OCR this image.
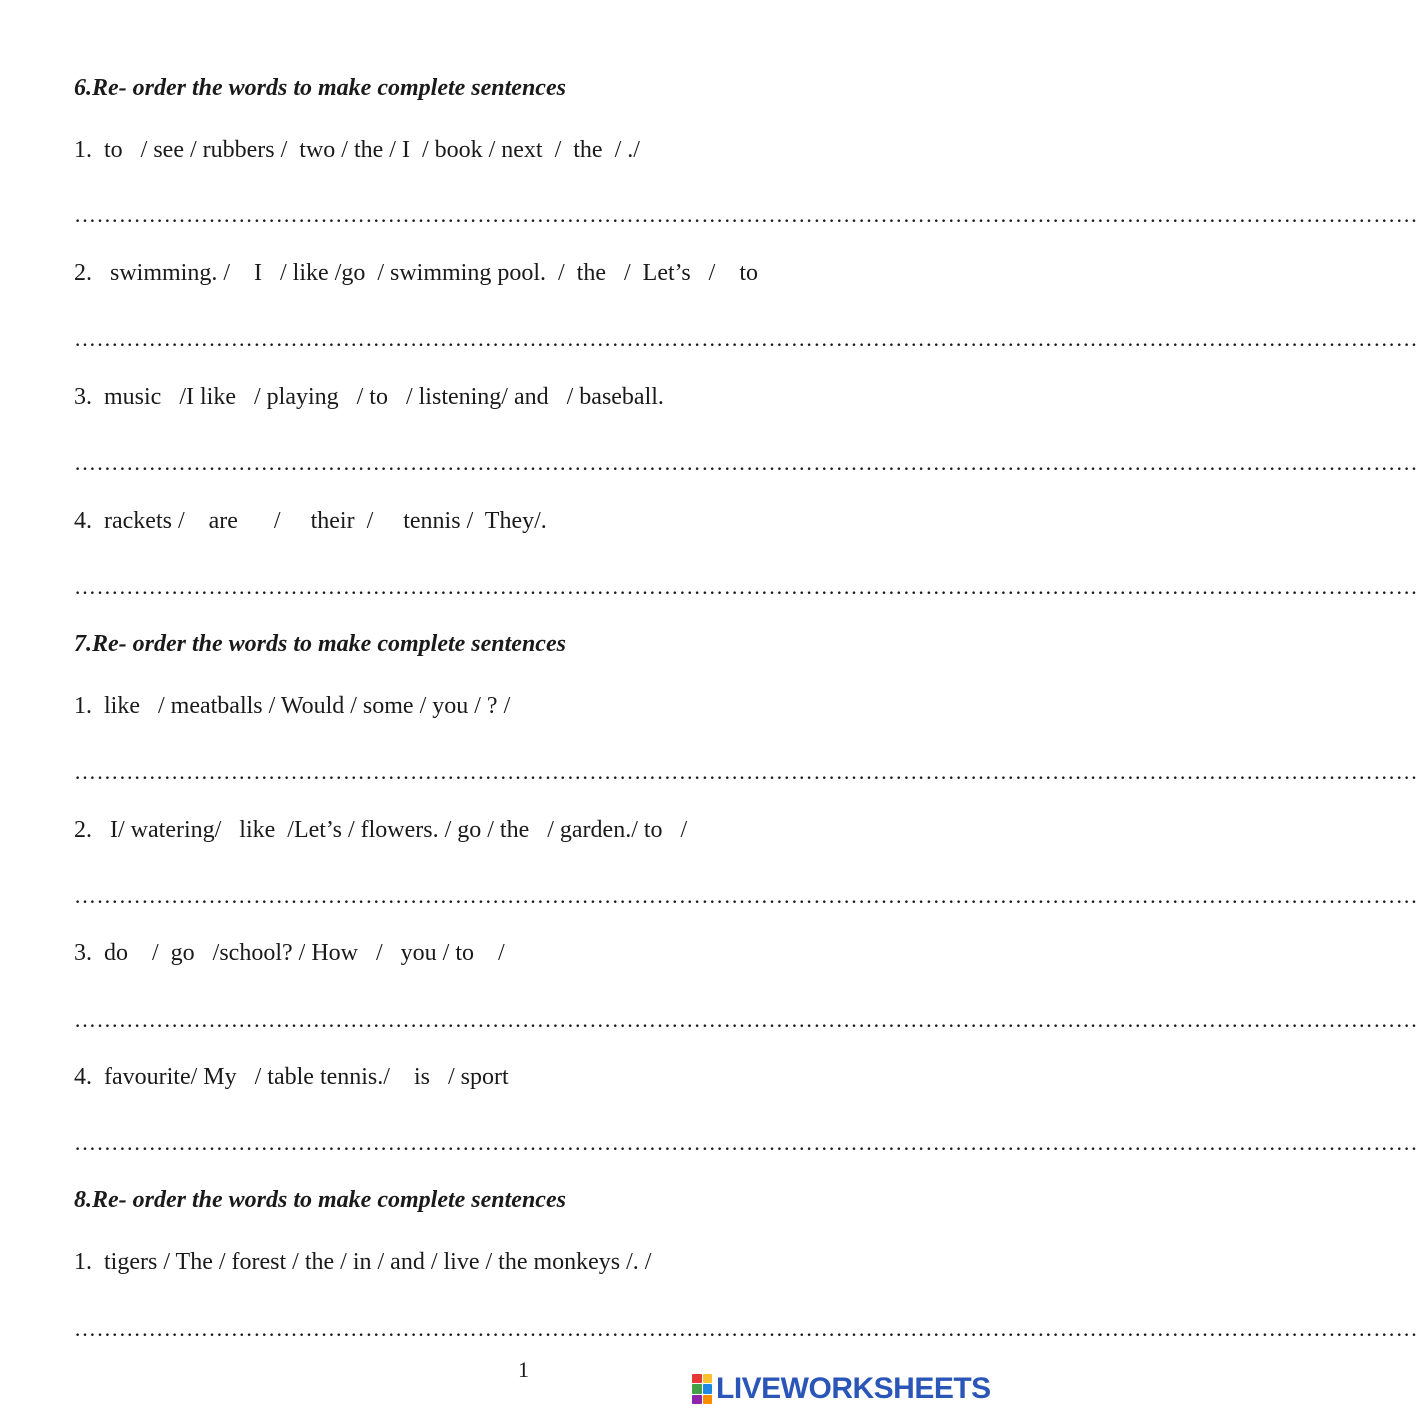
6.Re- order the words to make complete sentences
1.  to   / see / rubbers /  two / the / I  / book / next  /  the  / ./
………………………………………………………………………………………………………………………………………………………………
2.   swimming. /    I   / like /go  / swimming pool.  /  the   /  Let’s   /    to
………………………………………………………………………………………………………………………………………………………………
3.  music   /I like   / playing   / to   / listening/ and   / baseball.
………………………………………………………………………………………………………………………………………………………………
4.  rackets /    are      /     their  /     tennis /  They/.
………………………………………………………………………………………………………………………………………………………………
7.Re- order the words to make complete sentences
1.  like   / meatballs / Would / some / you / ? /
………………………………………………………………………………………………………………………………………………………………
2.   I/ watering/   like  /Let’s / flowers. / go / the   / garden./ to   /
………………………………………………………………………………………………………………………………………………………………
3.  do    /  go   /school? / How   /   you / to    /
………………………………………………………………………………………………………………………………………………………………
4.  favourite/ My   / table tennis./    is   / sport
………………………………………………………………………………………………………………………………………………………………
8.Re- order the words to make complete sentences
1.  tigers / The / forest / the / in / and / live / the monkeys /. /
………………………………………………………………………………………………………………………………………………………………
1
LIVEWORKSHEETS
